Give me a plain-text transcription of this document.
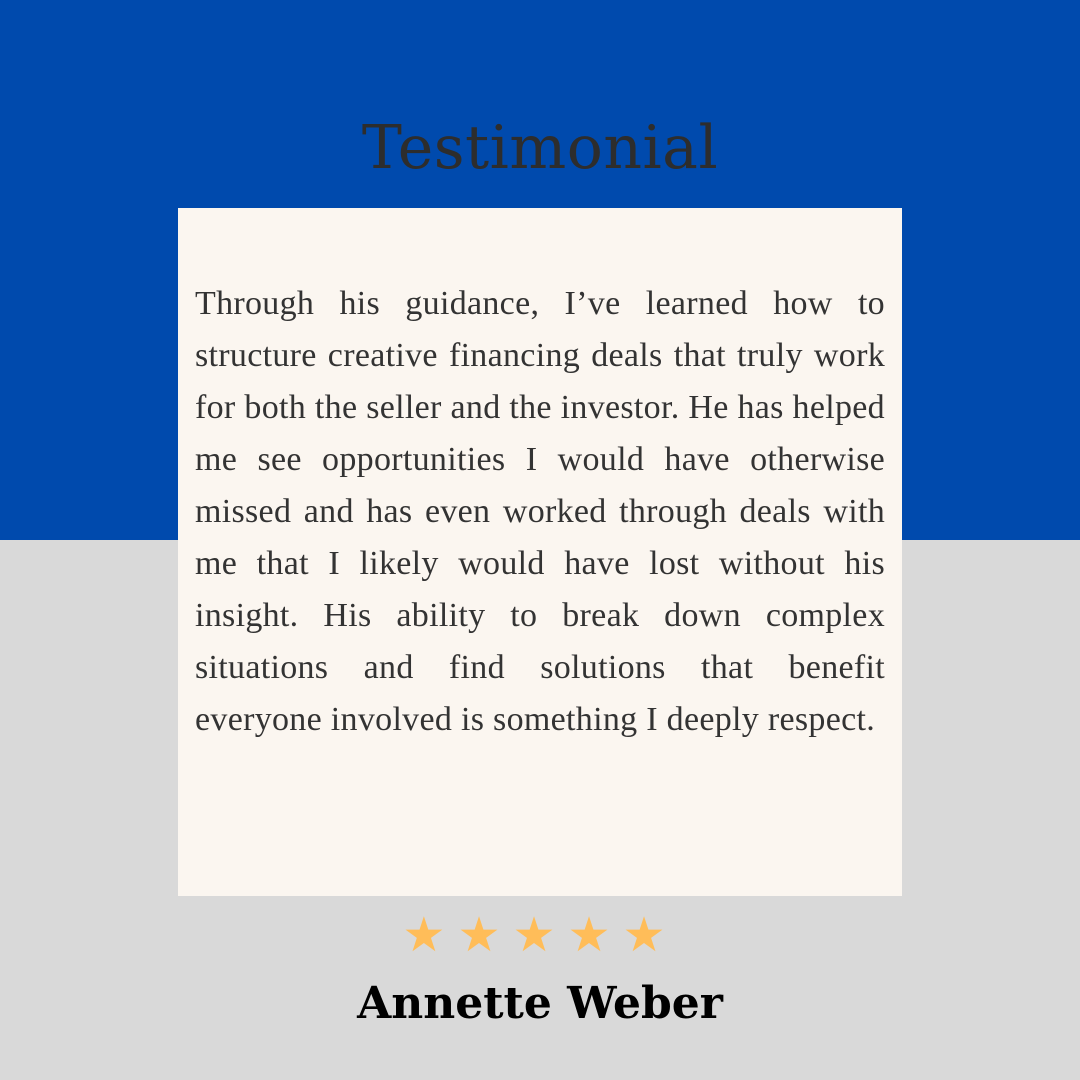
Testimonial

Through his guidance, I’ve learned how to structure creative financing deals that truly work for both the seller and the investor. He has helped me see opportunities I would have otherwise missed and has even worked through deals with me that I likely would have lost without his insight. His ability to break down complex situations and find solutions that benefit everyone involved is something I deeply respect.

★★★★★
Annette Weber
